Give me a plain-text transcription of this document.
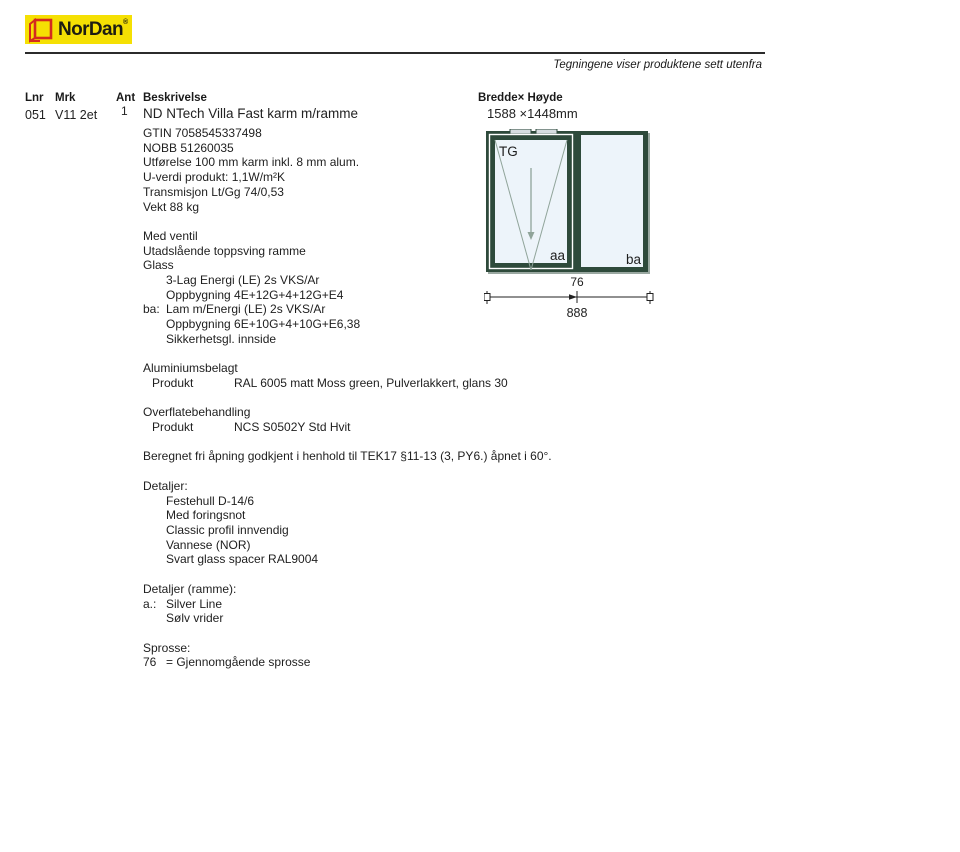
NorDan®
Tegningene viser produktene sett utenfra
Lnr Mrk	Ant Beskrivelse	Bredde× Høyde
051 V11 2et 1 ND NTech Villa Fast karm m/ramme	1588 ×1448mm
GTIN 7058545337498
NOBB 51260035
Utførelse 100 mm karm inkl. 8 mm alum.
U-verdi produkt: 1,1W/m²K
Transmisjon Lt/Gg 74/0,53
Vekt 88 kg

Med ventil
Utadslående toppsving ramme
Glass
3-Lag Energi (LE) 2s VKS/Ar
Oppbygning 4E+12G+4+12G+E4
ba: Lam m/Energi (LE) 2s VKS/Ar
Oppbygning 6E+10G+4+10G+E6,38
Sikkerhetsgl. innside

Aluminiumsbelagt
Produkt	RAL 6005 matt Moss green, Pulverlakkert, glans 30

Overflatebehandling
Produkt	NCS S0502Y Std Hvit

Beregnet fri åpning godkjent i henhold til TEK17 §11-13 (3, PY6.) åpnet i 60°.

Detaljer:
Festehull D-14/6
Med foringsnot
Classic profil innvendig
Vannese (NOR)
Svart glass spacer RAL9004

Detaljer (ramme):
a.: Silver Line
Sølv vrider

Sprosse:
76 = Gjennomgående sprosse
TG
aa	ba
76
888
